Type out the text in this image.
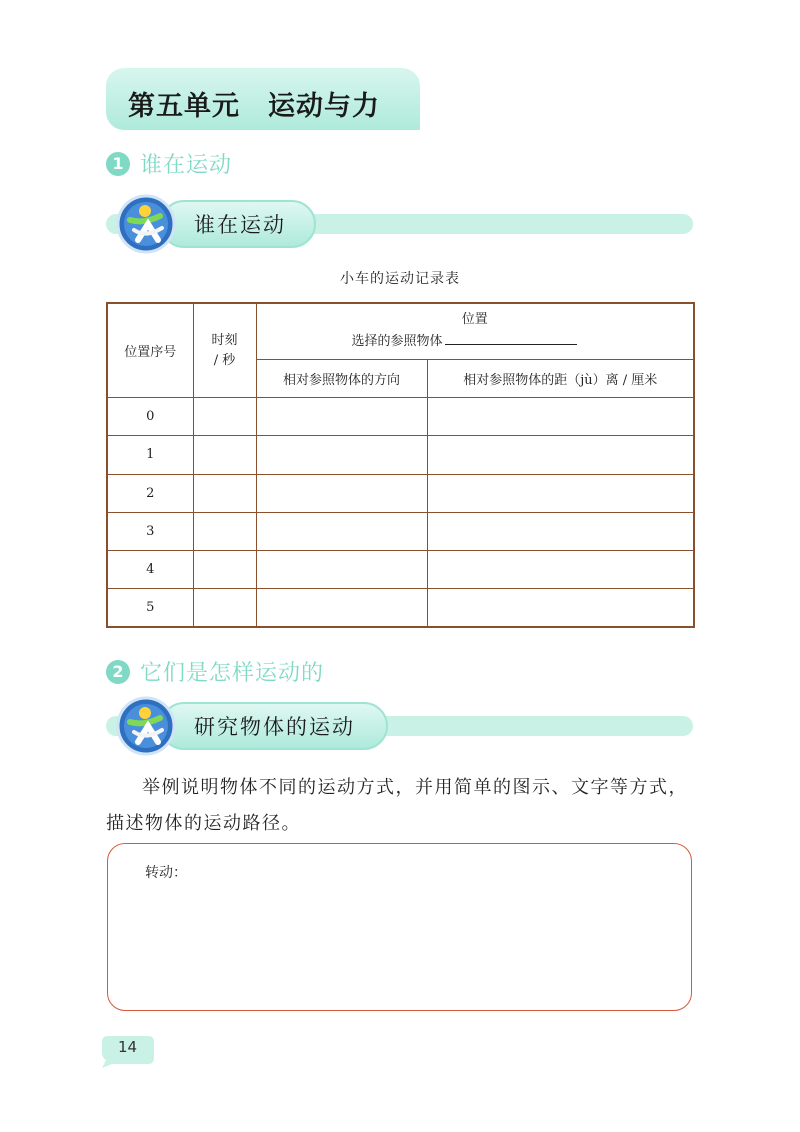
第五单元　运动与力
1 谁在运动
谁在运动
小车的运动记录表
位置序号	时刻 / 秒	位置
选择的参照物体	

		相对参照物体的方向	相对参照物体的距（jù）离 / 厘米
0			
1			
2			
3			
4			
5			
2 它们是怎样运动的
研究物体的运动
举例说明物体不同的运动方式，并用简单的图示、文字等方式，描述物体的运动路径。
转动：
14
